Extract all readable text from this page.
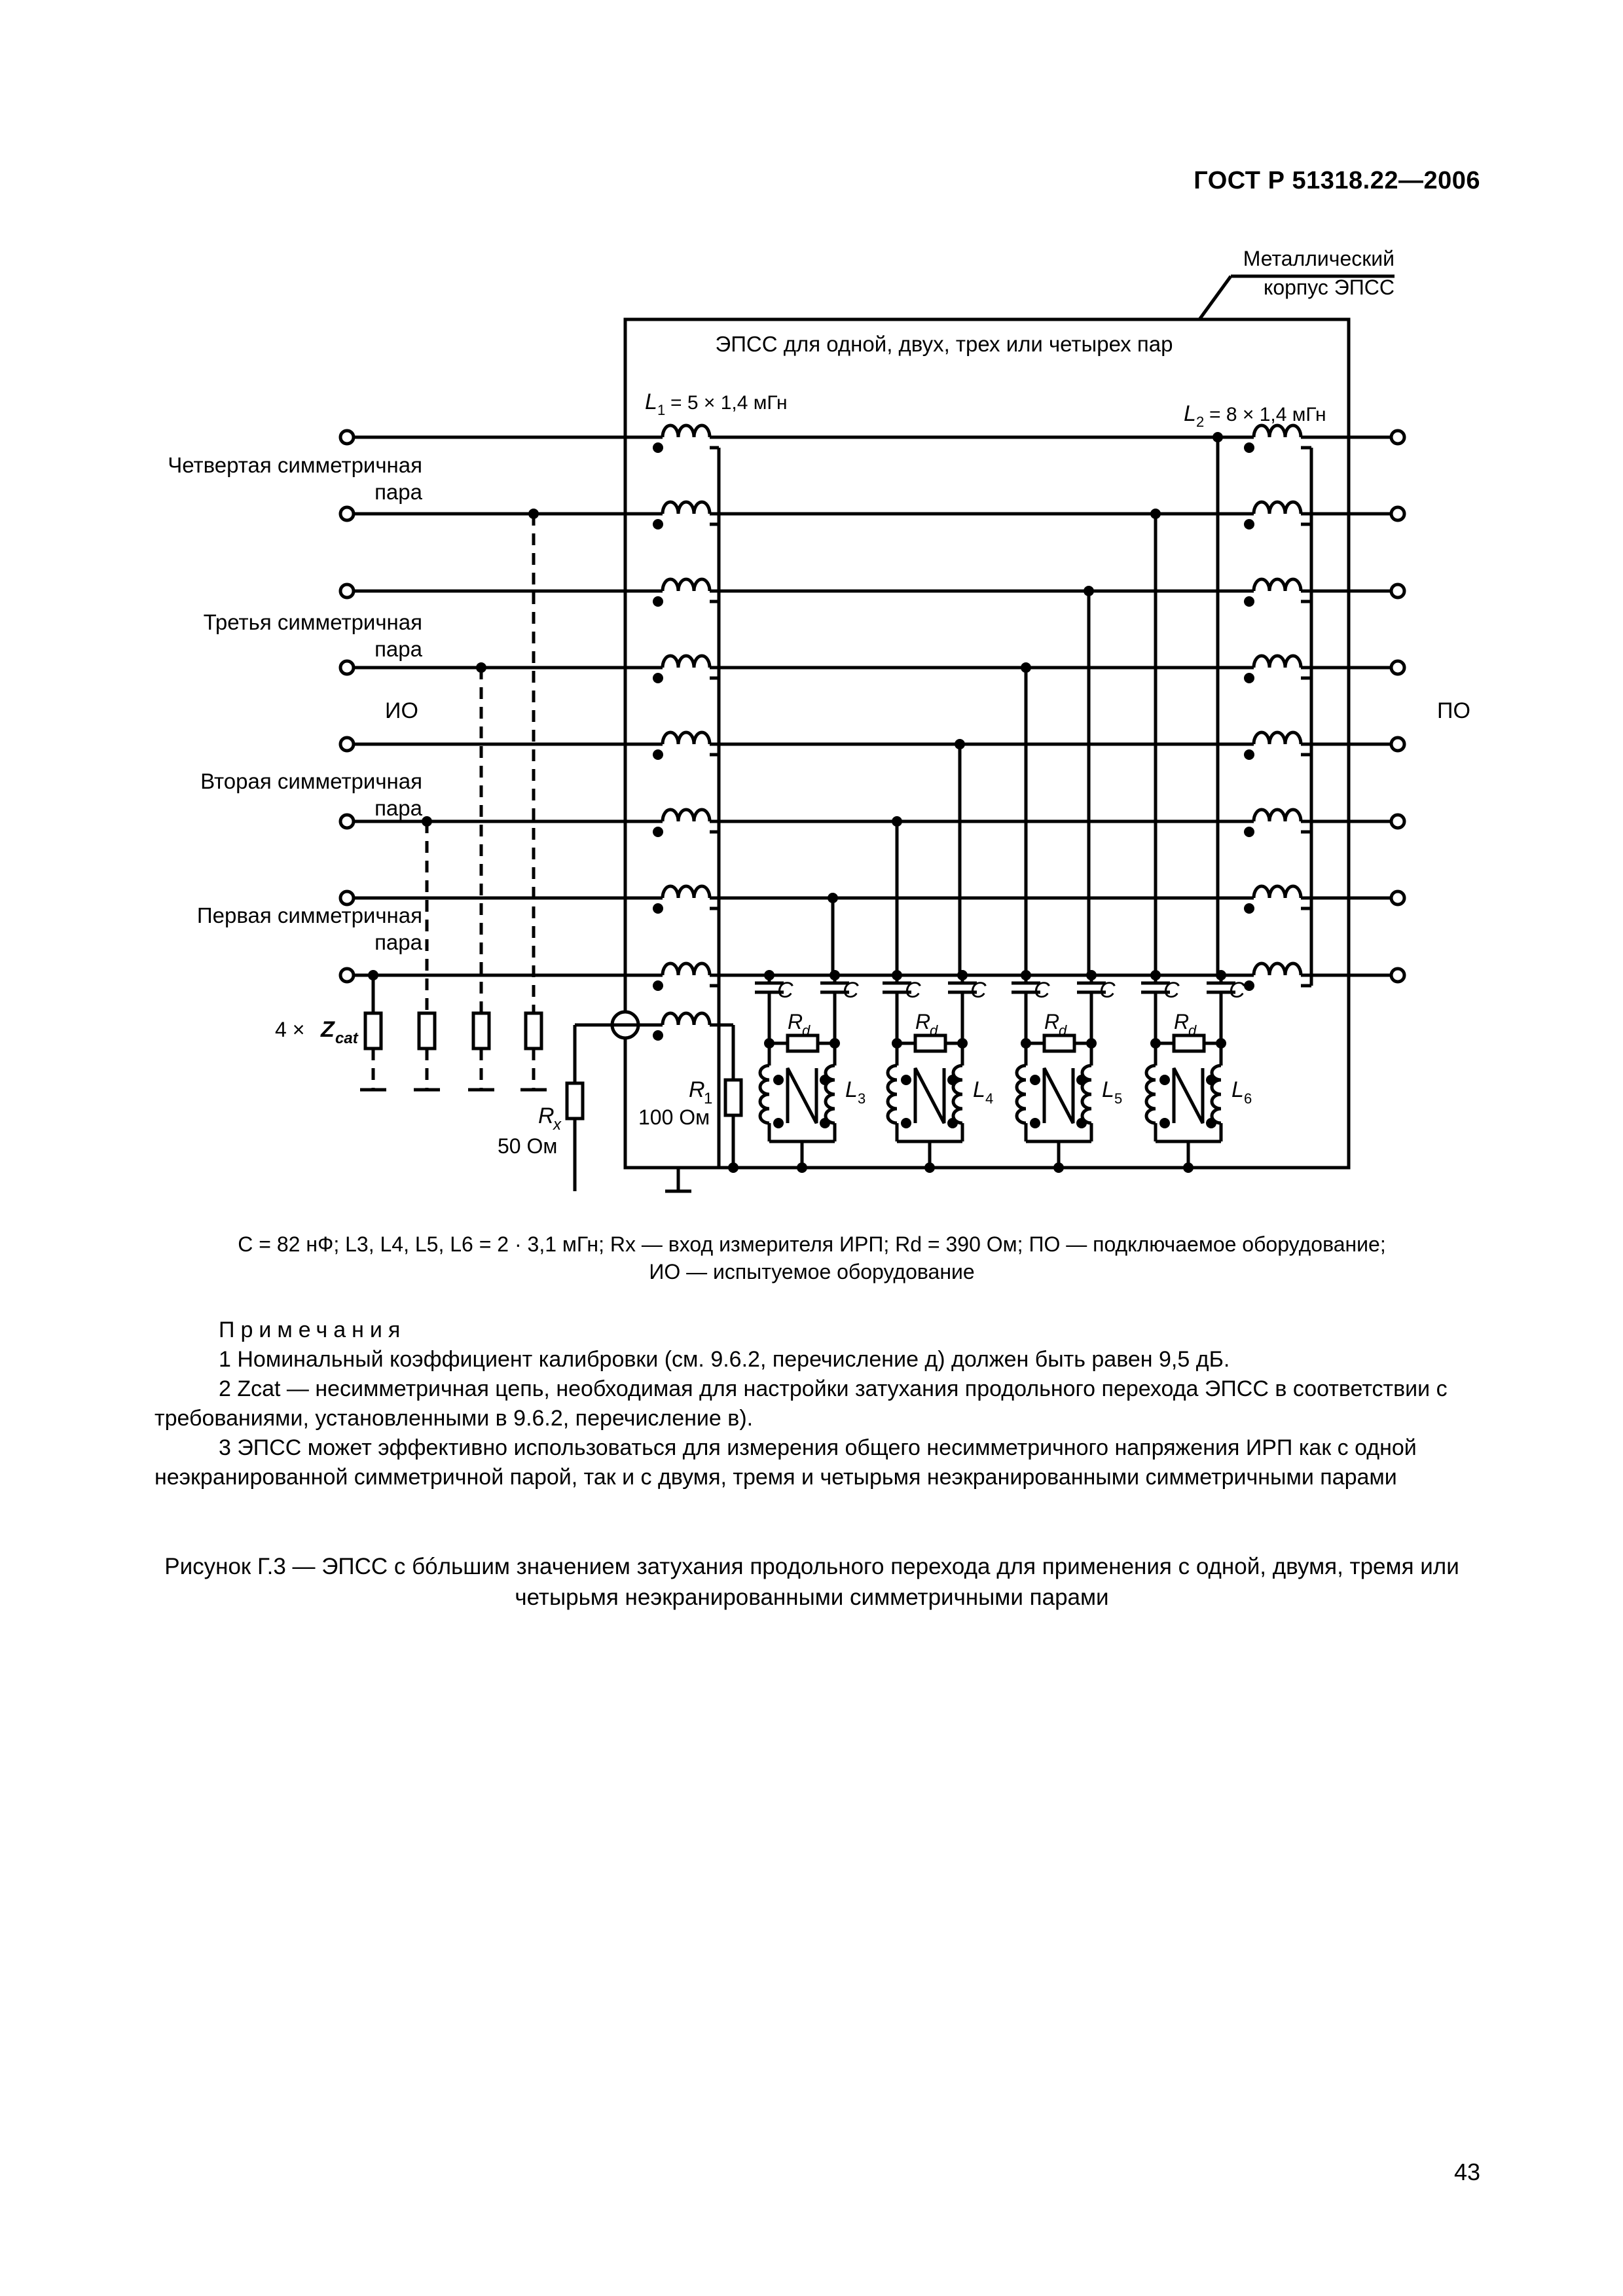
ГОСТ Р 51318.22—2006
C C
R
d
L 3
C C
R
d
L 4
C C
R
d
L 5
C C
R
d
L 6
Металлический
корпус ЭПСС
ЭПСС для одной, двух, трех или четырех пар
L 1 = 5 × 1,4 мГн	L 2 = 8 × 1,4 мГн
Четвертая симметричная
пара
Третья симметричная
пара
Вторая симметричная
пара
Первая симметричная
пара
ИО	ПО
4 × Z cat
R
x
50 Ом
R
1
100 Ом
C = 82 нФ; L3, L4, L5, L6 = 2 · 3,1 мГн; Rx — вход измерителя ИРП; Rd = 390 Ом; ПО — подключаемое оборудование;
ИО — испытуемое оборудование

Примечания

1 Номинальный коэффициент калибровки (см. 9.6.2, перечисление д) должен быть равен 9,5 дБ.

2 Zcat — несимметричная цепь, необходимая для настройки затухания продольного перехода ЭПСС в соответствии с требованиями, установленными в 9.6.2, перечисление в).

3 ЭПСС может эффективно использоваться для измерения общего несимметричного напряжения ИРП как с одной неэкранированной симметричной парой, так и с двумя, тремя и четырьмя неэкранированными симметричными парами

Рисунок Г.3 — ЭПСС с бóльшим значением затухания продольного перехода для применения с одной, двумя, тремя или четырьмя неэкранированными симметричными парами
43
